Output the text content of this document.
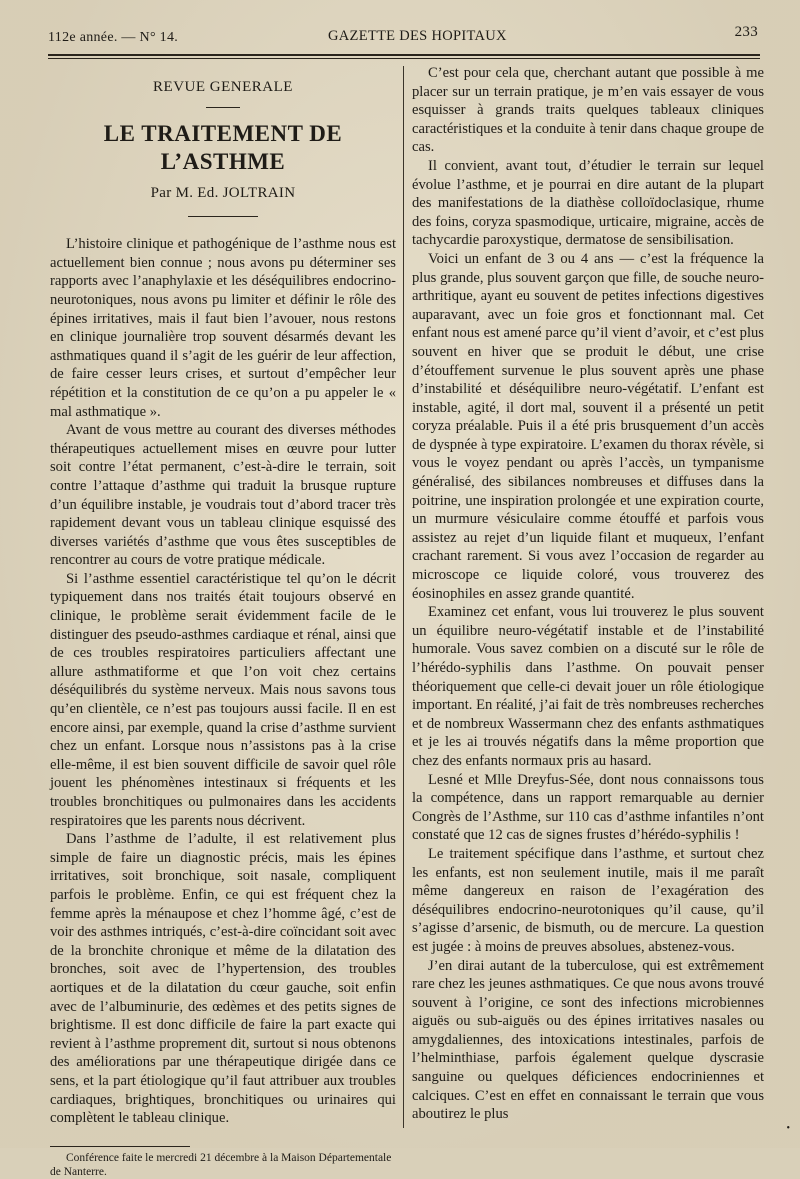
112e année. — N° 14.	GAZETTE DES HOPITAUX	233
REVUE GENERALE
LE TRAITEMENT DE L’ASTHME
Par M. Ed. JOLTRAIN

L’histoire clinique et pathogénique de l’asthme nous est actuellement bien connue ; nous avons pu déterminer ses rapports avec l’anaphylaxie et les déséquilibres endocrino-neurotoniques, nous avons pu limiter et définir le rôle des épines irritatives, mais il faut bien l’avouer, nous restons en clinique journalière trop souvent désarmés devant les asthmatiques quand il s’agit de les guérir de leur affection, de faire cesser leurs crises, et surtout d’empêcher leur répétition et la constitution de ce qu’on a pu appeler le « mal asthmatique ».

Avant de vous mettre au courant des diverses méthodes thérapeutiques actuellement mises en œuvre pour lutter soit contre l’état permanent, c’est-à-dire le terrain, soit contre l’attaque d’asthme qui traduit la brusque rupture d’un équilibre instable, je voudrais tout d’abord tracer très rapidement devant vous un tableau clinique esquissé des diverses variétés d’asthme que vous êtes susceptibles de rencontrer au cours de votre pratique médicale.

Si l’asthme essentiel caractéristique tel qu’on le décrit typiquement dans nos traités était toujours observé en clinique, le problème serait évidemment facile de le distinguer des pseudo-asthmes cardiaque et rénal, ainsi que de ces troubles respiratoires particuliers affectant une allure asthmatiforme et que l’on voit chez certains déséquilibrés du système nerveux. Mais nous savons tous qu’en clientèle, ce n’est pas toujours aussi facile. Il en est encore ainsi, par exemple, quand la crise d’asthme survient chez un enfant. Lorsque nous n’assistons pas à la crise elle-même, il est bien souvent difficile de savoir quel rôle jouent les phénomènes intestinaux si fréquents et les troubles bronchitiques ou pulmonaires dans les accidents respiratoires que les parents nous décrivent.

Dans l’asthme de l’adulte, il est relativement plus simple de faire un diagnostic précis, mais les épines irritatives, soit bronchique, soit nasale, compliquent parfois le problème. Enfin, ce qui est fréquent chez la femme après la ménaupose et chez l’homme âgé, c’est de voir des asthmes intriqués, c’est-à-dire coïncidant soit avec de la bronchite chronique et même de la dilatation des bronches, soit avec de l’hypertension, des troubles aortiques et de la dilatation du cœur gauche, soit enfin avec de l’albuminurie, des œdèmes et des petits signes de brightisme. Il est donc difficile de faire la part exacte qui revient à l’asthme proprement dit, surtout si nous obtenons des améliorations par une thérapeutique dirigée dans ce sens, et la part étiologique qu’il faut attribuer aux troubles cardiaques, brightiques, bronchitiques ou urinaires qui complètent le tableau clinique.

Conférence faite le mercredi 21 décembre à la Maison Départementale de Nanterre.

C’est pour cela que, cherchant autant que possible à me placer sur un terrain pratique, je m’en vais essayer de vous esquisser à grands traits quelques tableaux cliniques caractéristiques et la conduite à tenir dans chaque groupe de cas.

Il convient, avant tout, d’étudier le terrain sur lequel évolue l’asthme, et je pourrai en dire autant de la plupart des manifestations de la diathèse colloïdoclasique, rhume des foins, coryza spasmodique, urticaire, migraine, accès de tachycardie paroxystique, dermatose de sensibilisation.

Voici un enfant de 3 ou 4 ans — c’est la fréquence la plus grande, plus souvent garçon que fille, de souche neuro-arthritique, ayant eu souvent de petites infections digestives auparavant, avec un foie gros et fonctionnant mal. Cet enfant nous est amené parce qu’il vient d’avoir, et c’est plus souvent en hiver que se produit le début, une crise d’étouffement survenue le plus souvent après une phase d’instabilité et déséquilibre neuro-végétatif. L’enfant est instable, agité, il dort mal, souvent il a présenté un petit coryza préalable. Puis il a été pris brusquement d’un accès de dyspnée à type expiratoire. L’examen du thorax révèle, si vous le voyez pendant ou après l’accès, un tympanisme généralisé, des sibilances nombreuses et diffuses dans la poitrine, une inspiration prolongée et une expiration courte, un murmure vésiculaire comme étouffé et parfois vous assistez au rejet d’un liquide filant et muqueux, l’enfant crachant rarement. Si vous avez l’occasion de regarder au microscope ce liquide coloré, vous trouverez des éosinophiles en assez grande quantité.

Examinez cet enfant, vous lui trouverez le plus souvent un équilibre neuro-végétatif instable et de l’instabilité humorale. Vous savez combien on a discuté sur le rôle de l’hérédo-syphilis dans l’asthme. On pouvait penser théoriquement que celle-ci devait jouer un rôle étiologique important. En réalité, j’ai fait de très nombreuses recherches et de nombreux Wassermann chez des enfants asthmatiques et je les ai trouvés négatifs dans la même proportion que chez des enfants normaux pris au hasard.

Lesné et Mlle Dreyfus-Sée, dont nous connaissons tous la compétence, dans un rapport remarquable au dernier Congrès de l’Asthme, sur 110 cas d’asthme infantiles n’ont constaté que 12 cas de signes frustes d’hérédo-syphilis !

Le traitement spécifique dans l’asthme, et surtout chez les enfants, est non seulement inutile, mais il me paraît même dangereux en raison de l’exagération des déséquilibres endocrino-neurotoniques qu’il cause, qu’il s’agisse d’arsenic, de bismuth, ou de mercure. La question est jugée : à moins de preuves absolues, abstenez-vous.

J’en dirai autant de la tuberculose, qui est extrêmement rare chez les jeunes asthmatiques. Ce que nous avons trouvé souvent à l’origine, ce sont des infections microbiennes aiguës ou sub-aiguës ou des épines irritatives nasales ou amygdaliennes, des intoxications intestinales, parfois de l’helminthiase, parfois également quelque dyscrasie sanguine ou quelques déficiences endocriniennes et calciques. C’est en effet en connaissant le terrain que vous aboutirez le plus

•
